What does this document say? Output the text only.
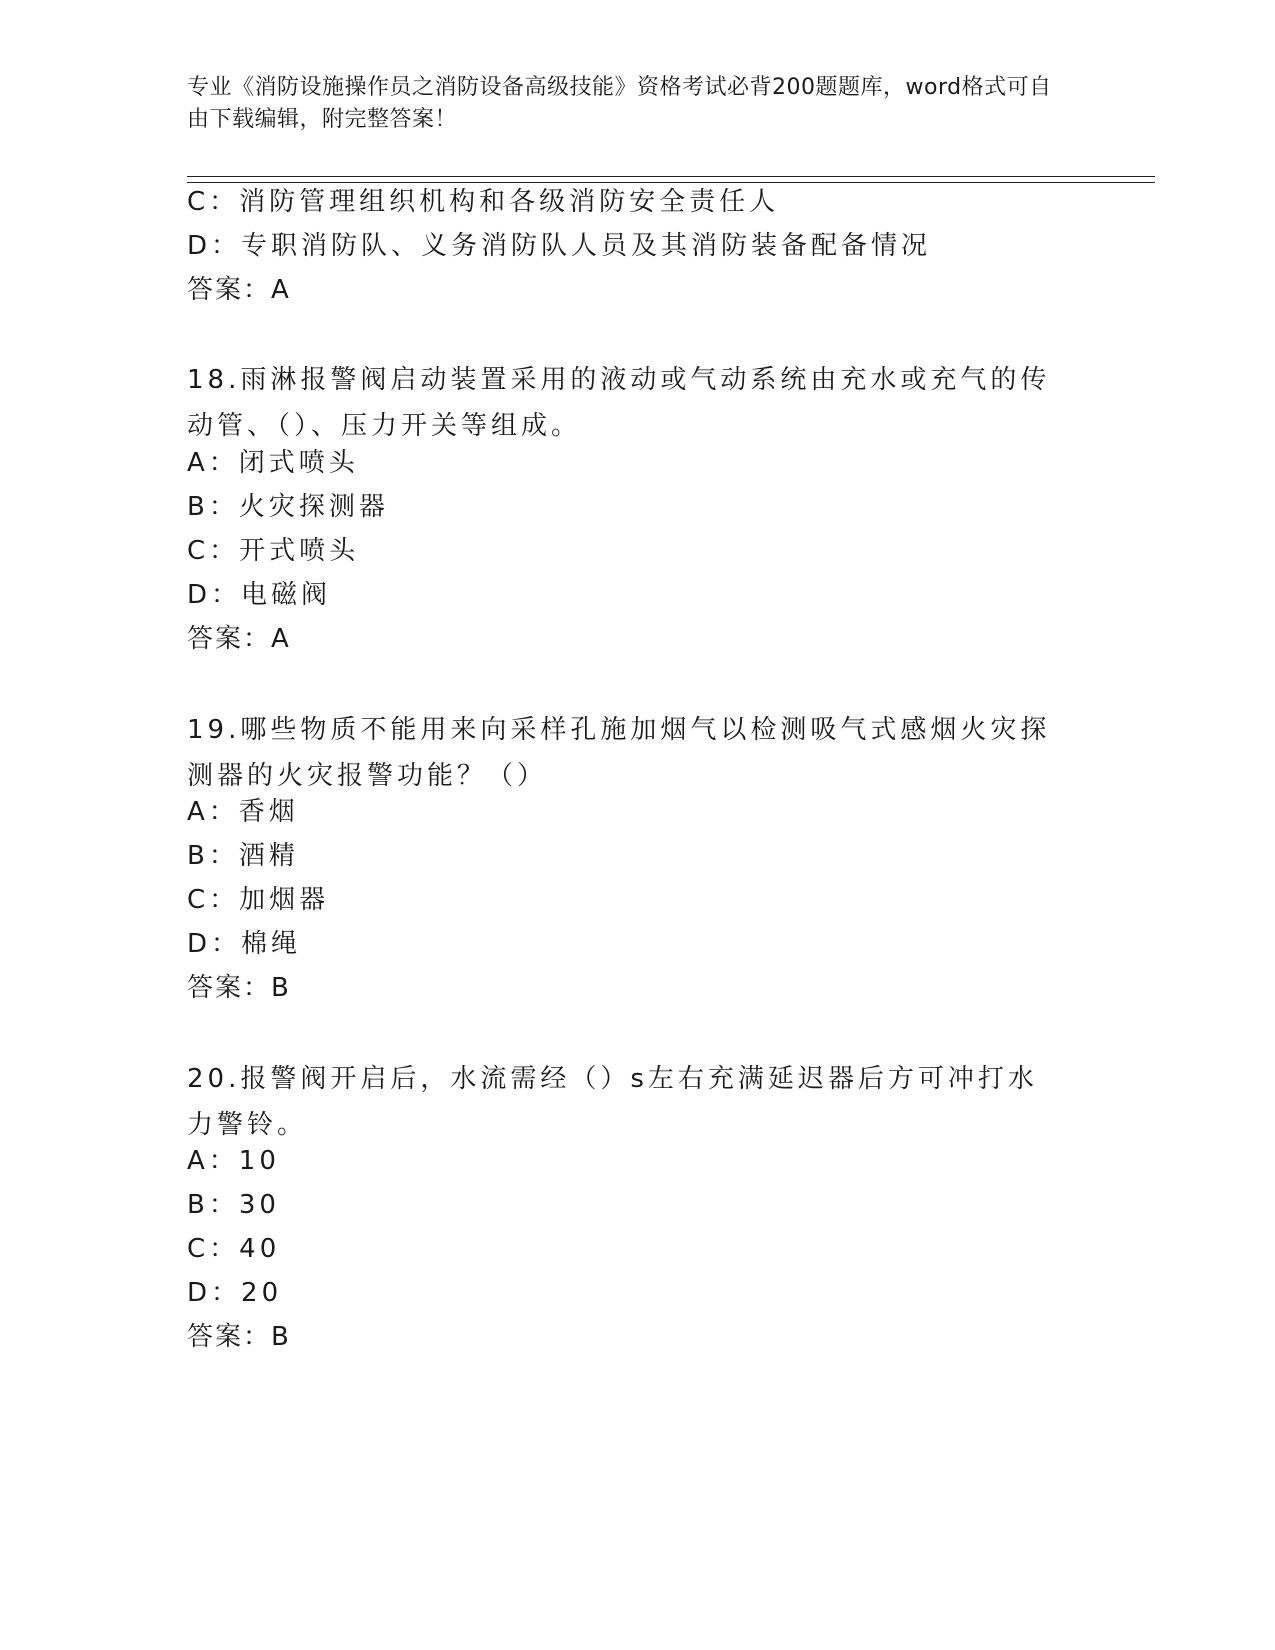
专业《消防设施操作员之消防设备高级技能》资格考试必背200题题库，word格式可自由下载编辑，附完整答案！
C：消防管理组织机构和各级消防安全责任人
D：专职消防队、义务消防队人员及其消防装备配备情况
答案：A
18.雨淋报警阀启动装置采用的液动或气动系统由充水或充气的传动管、（）、压力开关等组成。
A：闭式喷头
B：火灾探测器
C：开式喷头
D：电磁阀
答案：A
19.哪些物质不能用来向采样孔施加烟气以检测吸气式感烟火灾探测器的火灾报警功能？（）
A：香烟
B：酒精
C：加烟器
D：棉绳
答案：B
20.报警阀开启后，水流需经（）s左右充满延迟器后方可冲打水力警铃。
A：10
B：30
C：40
D：20
答案：B
